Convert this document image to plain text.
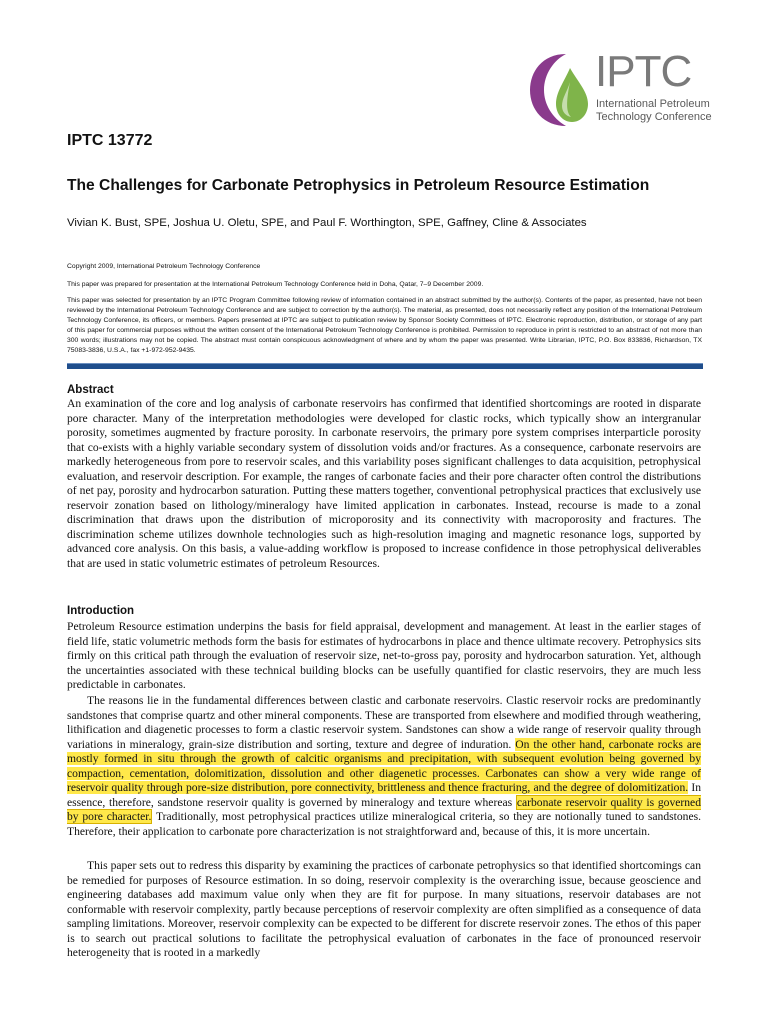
IPTC
International Petroleum
Technology Conference
IPTC 13772
The Challenges for Carbonate Petrophysics in Petroleum Resource Estimation

Vivian K. Bust, SPE, Joshua U. Oletu, SPE, and Paul F. Worthington, SPE, Gaffney, Cline & Associates

Copyright 2009, International Petroleum Technology Conference

This paper was prepared for presentation at the International Petroleum Technology Conference held in Doha, Qatar, 7–9 December 2009.

This paper was selected for presentation by an IPTC Program Committee following review of information contained in an abstract submitted by the author(s). Contents of the paper, as presented, have not been reviewed by the International Petroleum Technology Conference and are subject to correction by the author(s). The material, as presented, does not necessarily reflect any position of the International Petroleum Technology Conference, its officers, or members. Papers presented at IPTC are subject to publication review by Sponsor Society Committees of IPTC. Electronic reproduction, distribution, or storage of any part of this paper for commercial purposes without the written consent of the International Petroleum Technology Conference is prohibited. Permission to reproduce in print is restricted to an abstract of not more than 300 words; illustrations may not be copied. The abstract must contain conspicuous acknowledgment of where and by whom the paper was presented. Write Librarian, IPTC, P.O. Box 833836, Richardson, TX 75083-3836, U.S.A., fax +1-972-952-9435.

Abstract

An examination of the core and log analysis of carbonate reservoirs has confirmed that identified shortcomings are rooted in disparate pore character. Many of the interpretation methodologies were developed for clastic rocks, which typically show an intergranular porosity, sometimes augmented by fracture porosity. In carbonate reservoirs, the primary pore system comprises interparticle porosity that co-exists with a highly variable secondary system of dissolution voids and/or fractures. As a consequence, carbonate reservoirs are markedly heterogeneous from pore to reservoir scales, and this variability poses significant challenges to data acquisition, petrophysical evaluation, and reservoir description. For example, the ranges of carbonate facies and their pore character often control the distributions of net pay, porosity and hydrocarbon saturation. Putting these matters together, conventional petrophysical practices that exclusively use reservoir zonation based on lithology/mineralogy have limited application in carbonates. Instead, recourse is made to a zonal discrimination that draws upon the distribution of microporosity and its connectivity with macroporosity and fractures. The discrimination scheme utilizes downhole technologies such as high-resolution imaging and magnetic resonance logs, supported by advanced core analysis. On this basis, a value-adding workflow is proposed to increase confidence in those petrophysical deliverables that are used in static volumetric estimates of petroleum Resources.

Introduction

Petroleum Resource estimation underpins the basis for field appraisal, development and management. At least in the earlier stages of field life, static volumetric methods form the basis for estimates of hydrocarbons in place and thence ultimate recovery. Petrophysics sits firmly on this critical path through the evaluation of reservoir size, net-to-gross pay, porosity and hydrocarbon saturation. Yet, although the uncertainties associated with these technical building blocks can be usefully quantified for clastic reservoirs, they are much less predictable in carbonates.

The reasons lie in the fundamental differences between clastic and carbonate reservoirs. Clastic reservoir rocks are predominantly sandstones that comprise quartz and other mineral components. These are transported from elsewhere and modified through weathering, lithification and diagenetic processes to form a clastic reservoir system. Sandstones can show a wide range of reservoir quality through variations in mineralogy, grain-size distribution and sorting, texture and degree of induration. On the other hand, carbonate rocks are mostly formed in situ through the growth of calcitic organisms and precipitation, with subsequent evolution being governed by compaction, cementation, dolomitization, dissolution and other diagenetic processes. Carbonates can show a very wide range of reservoir quality through pore-size distribution, pore connectivity, brittleness and thence fracturing, and the degree of dolomitization. In essence, therefore, sandstone reservoir quality is governed by mineralogy and texture whereas carbonate reservoir quality is governed by pore character. Traditionally, most petrophysical practices utilize mineralogical criteria, so they are notionally tuned to sandstones. Therefore, their application to carbonate pore characterization is not straightforward and, because of this, it is more uncertain.

This paper sets out to redress this disparity by examining the practices of carbonate petrophysics so that identified shortcomings can be remedied for purposes of Resource estimation. In so doing, reservoir complexity is the overarching issue, because geoscience and engineering databases add maximum value only when they are fit for purpose. In many situations, reservoir databases are not conformable with reservoir complexity, partly because perceptions of reservoir complexity are often simplified as a consequence of data sampling limitations. Moreover, reservoir complexity can be expected to be different for discrete reservoir zones. The ethos of this paper is to search out practical solutions to facilitate the petrophysical evaluation of carbonates in the face of pronounced reservoir heterogeneity that is rooted in a markedly
